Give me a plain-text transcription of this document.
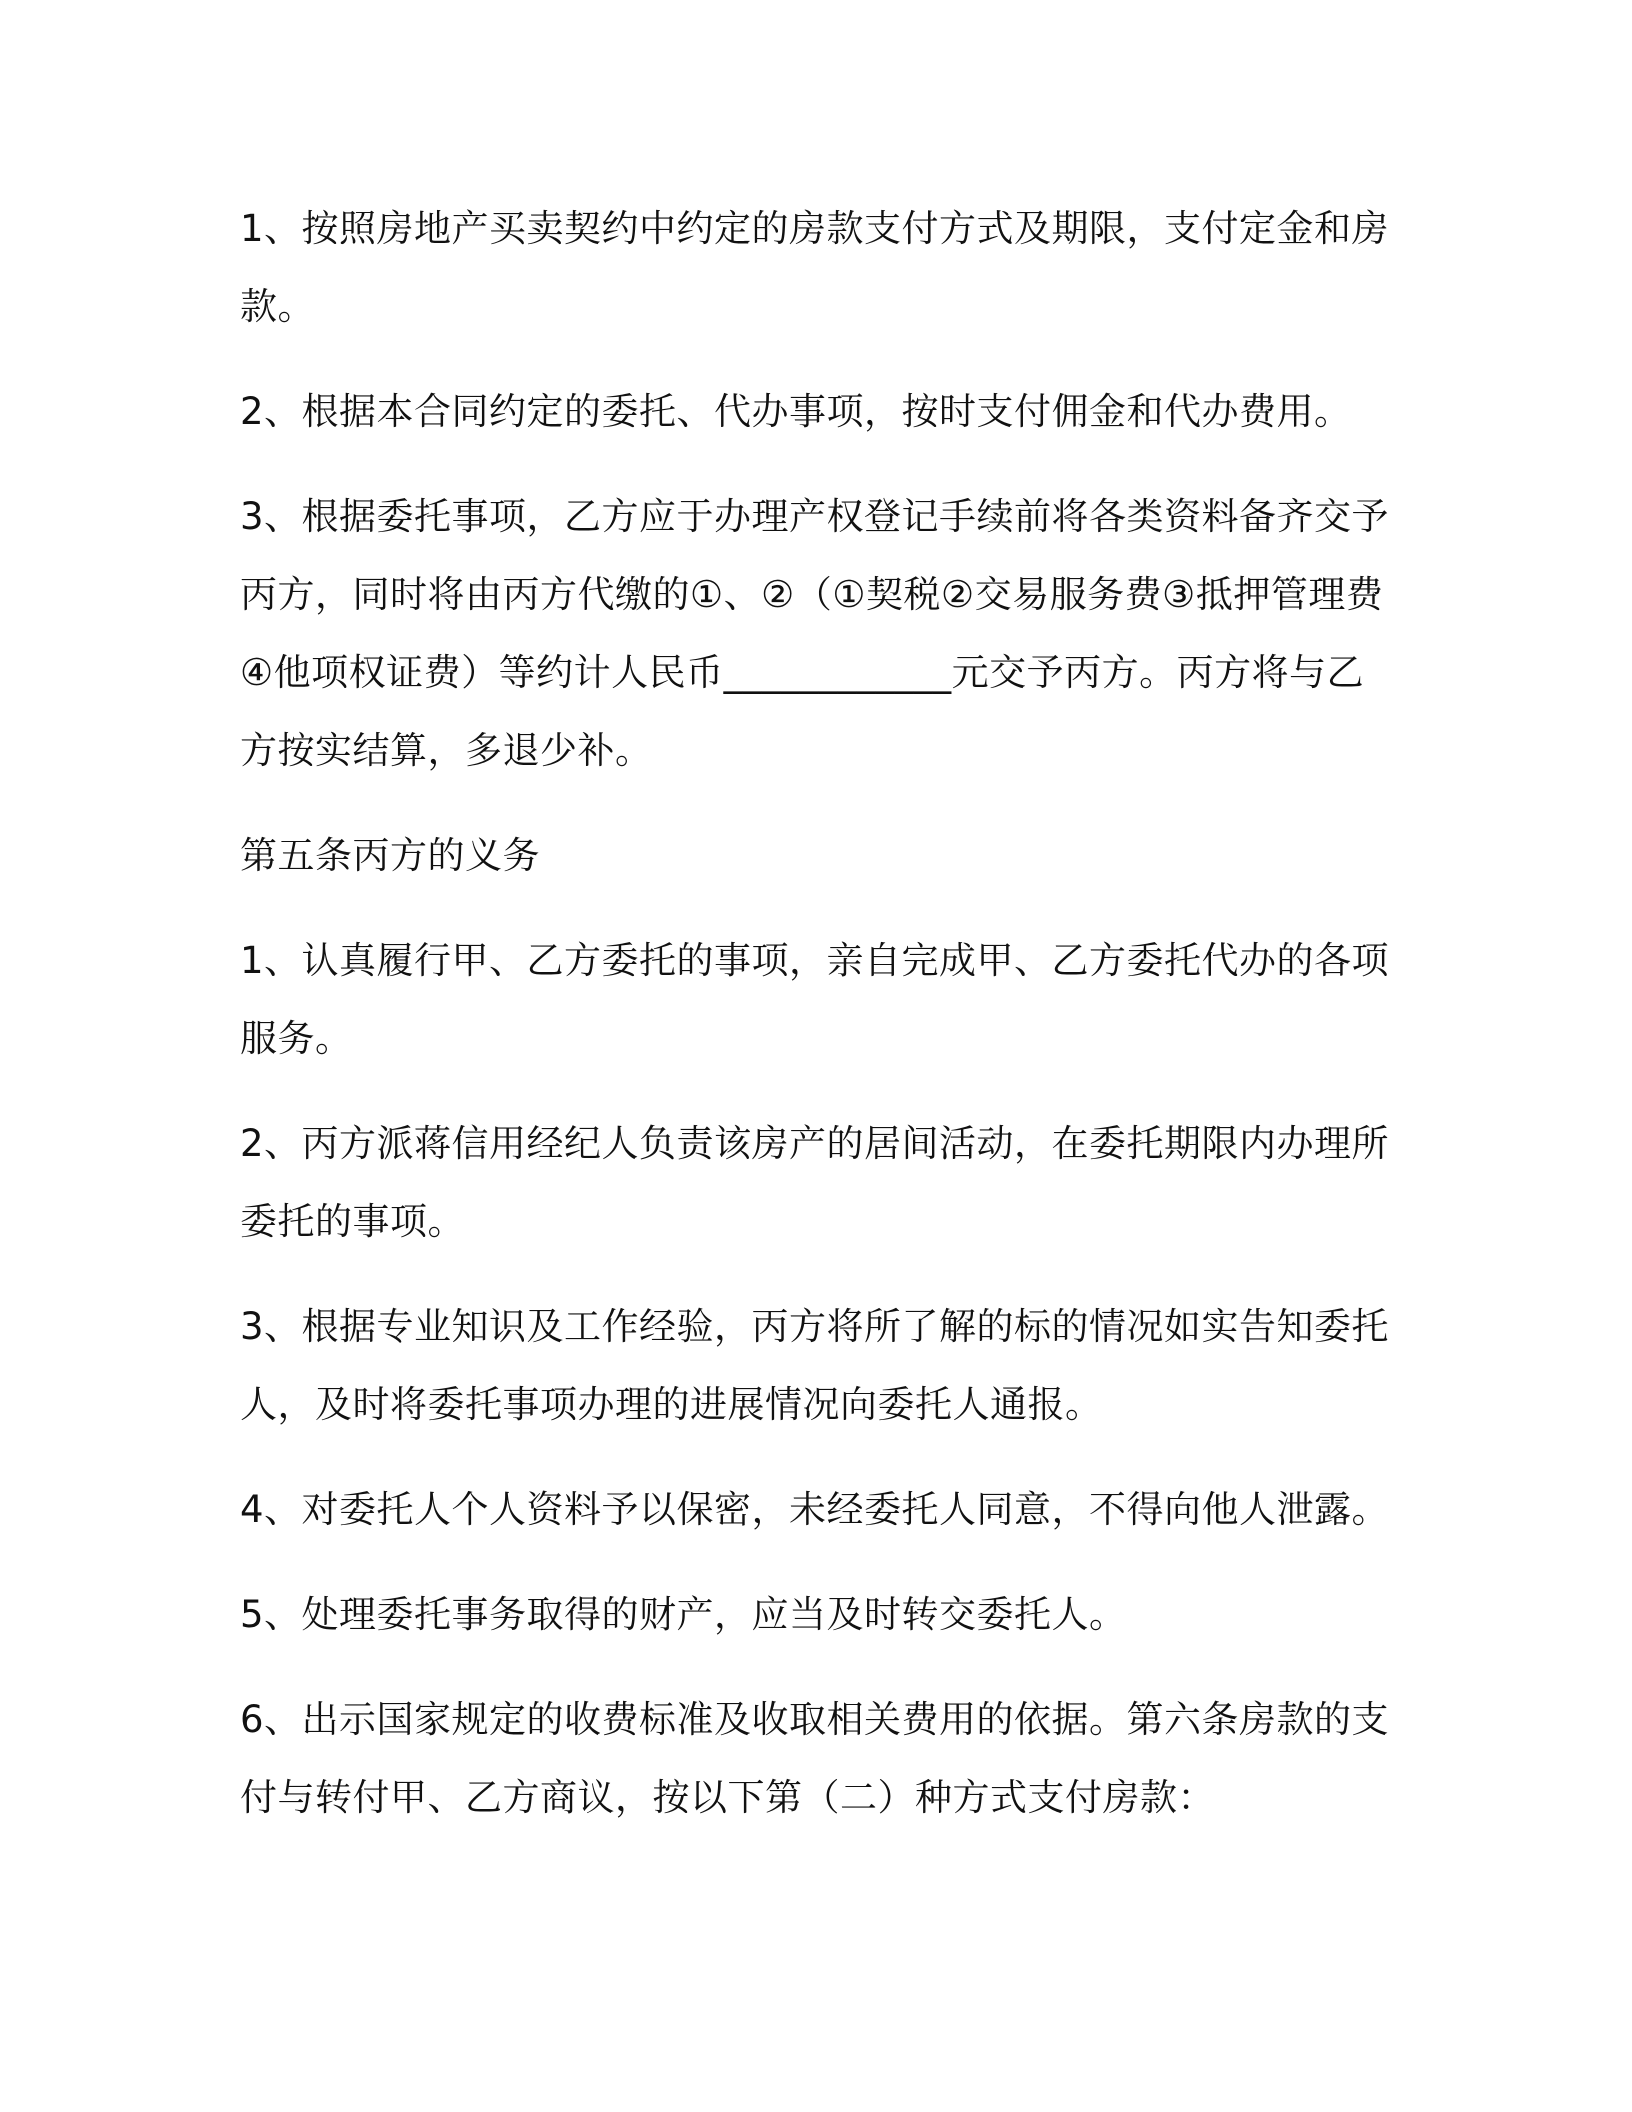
1、按照房地产买卖契约中约定的房款支付方式及期限，支付定金和房款。

2、根据本合同约定的委托、代办事项，按时支付佣金和代办费用。

3、根据委托事项，乙方应于办理产权登记手续前将各类资料备齐交予丙方，同时将由丙方代缴的①、②（①契税②交易服务费③抵押管理费④他项权证费）等约计人民币____________元交予丙方。丙方将与乙方按实结算，多退少补。

第五条丙方的义务

1、认真履行甲、乙方委托的事项，亲自完成甲、乙方委托代办的各项服务。

2、丙方派蒋信用经纪人负责该房产的居间活动，在委托期限内办理所委托的事项。

3、根据专业知识及工作经验，丙方将所了解的标的情况如实告知委托人，及时将委托事项办理的进展情况向委托人通报。

4、对委托人个人资料予以保密，未经委托人同意，不得向他人泄露。

5、处理委托事务取得的财产，应当及时转交委托人。

6、出示国家规定的收费标准及收取相关费用的依据。第六条房款的支付与转付甲、乙方商议，按以下第（二）种方式支付房款：
